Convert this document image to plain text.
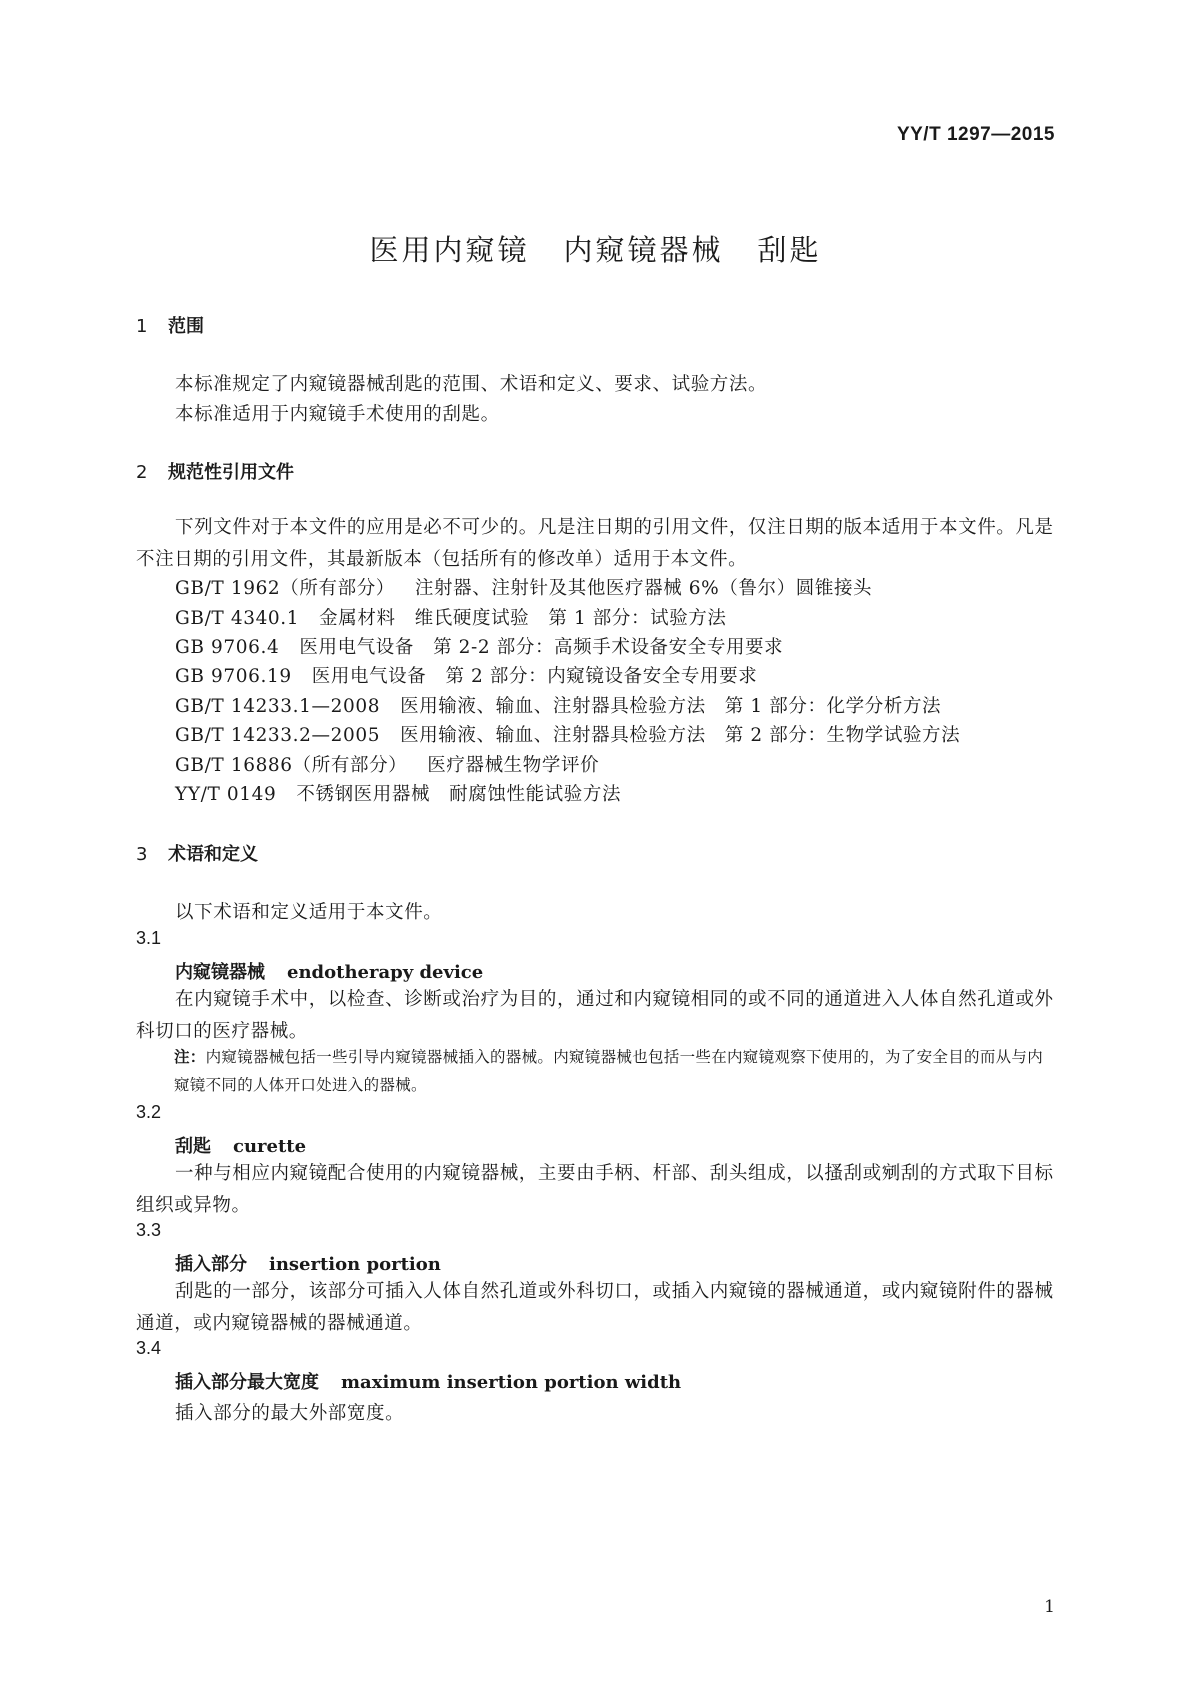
YY/T 1297—2015
医用内窥镜 内窥镜器械 刮匙
1 范围
本标准规定了内窥镜器械刮匙的范围、术语和定义、要求、试验方法。
本标准适用于内窥镜手术使用的刮匙。
2 规范性引用文件
下列文件对于本文件的应用是必不可少的。凡是注日期的引用文件，仅注日期的版本适用于本文件。凡是不注日期的引用文件，其最新版本（包括所有的修改单）适用于本文件。
GB/T 1962（所有部分） 注射器、注射针及其他医疗器械 6%（鲁尔）圆锥接头
GB/T 4340.1 金属材料　维氏硬度试验　第 1 部分：试验方法
GB 9706.4 医用电气设备　第 2-2 部分：高频手术设备安全专用要求
GB 9706.19 医用电气设备　第 2 部分：内窥镜设备安全专用要求
GB/T 14233.1—2008 医用输液、输血、注射器具检验方法　第 1 部分：化学分析方法
GB/T 14233.2—2005 医用输液、输血、注射器具检验方法　第 2 部分：生物学试验方法
GB/T 16886（所有部分） 医疗器械生物学评价
YY/T 0149 不锈钢医用器械　耐腐蚀性能试验方法
3 术语和定义
以下术语和定义适用于本文件。
3.1
内窥镜器械 endotherapy device
在内窥镜手术中，以检查、诊断或治疗为目的，通过和内窥镜相同的或不同的通道进入人体自然孔道或外科切口的医疗器械。
注：内窥镜器械包括一些引导内窥镜器械插入的器械。内窥镜器械也包括一些在内窥镜观察下使用的，为了安全目的而从与内窥镜不同的人体开口处进入的器械。
3.2
刮匙 curette
一种与相应内窥镜配合使用的内窥镜器械，主要由手柄、杆部、刮头组成，以搔刮或剜刮的方式取下目标组织或异物。
3.3
插入部分 insertion portion
刮匙的一部分，该部分可插入人体自然孔道或外科切口，或插入内窥镜的器械通道，或内窥镜附件的器械通道，或内窥镜器械的器械通道。
3.4
插入部分最大宽度 maximum insertion portion width
插入部分的最大外部宽度。
1
